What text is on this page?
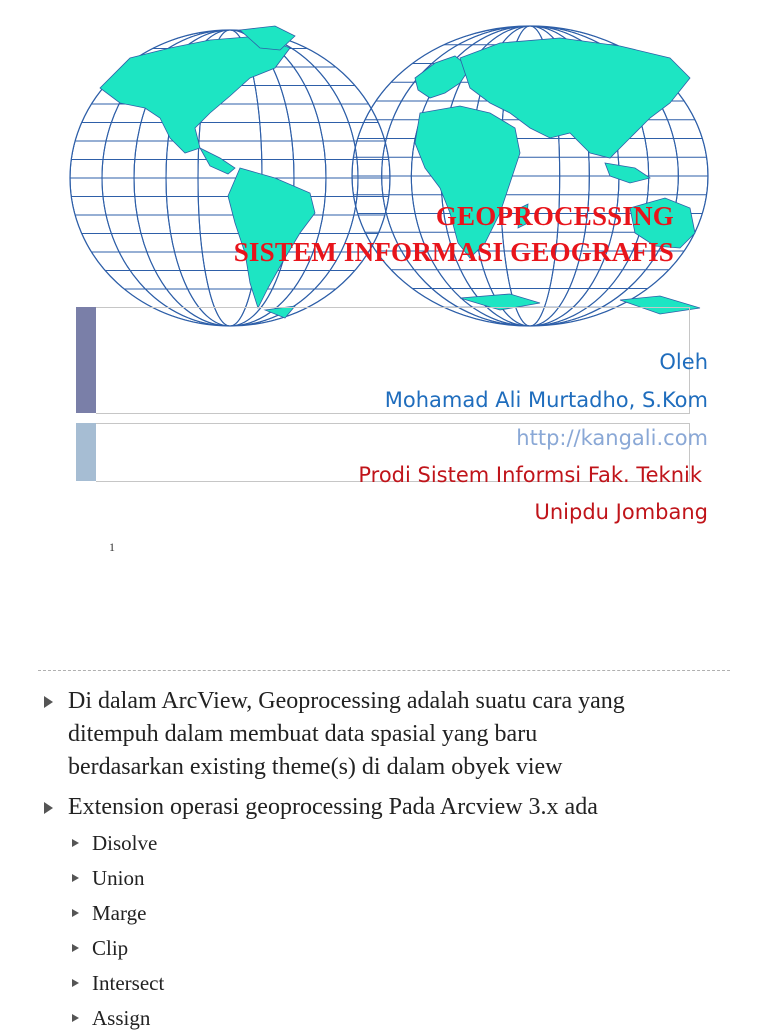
GEOPROCESSING
SISTEM INFORMASI GEOGRAFIS
Oleh
Mohamad Ali Murtadho, S.Kom
http://kangali.com
Prodi Sistem Informsi Fak. Teknik
Unipdu Jombang
1
Di dalam ArcView, Geoprocessing adalah suatu cara yang
ditempuh dalam membuat data spasial yang baru
berdasarkan existing theme(s) di dalam obyek view
Extension operasi geoprocessing Pada Arcview 3.x ada
Disolve
Union
Marge
Clip
Intersect
Assign
